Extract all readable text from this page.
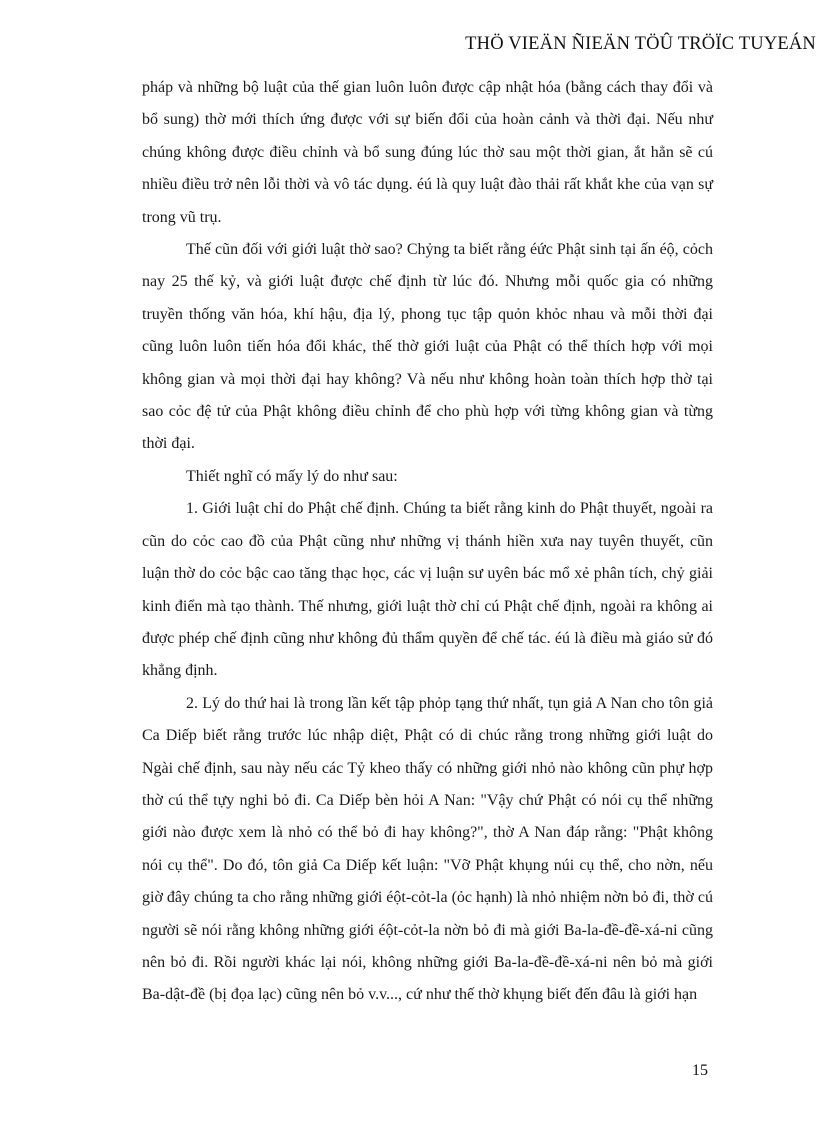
THÖ VIEÄN ÑIEÄN TÖÛ TRÖÏC TUYEÁN

pháp và những bộ luật của thế gian luôn luôn được cập nhật hóa (bằng cách thay đổi và bổ sung) thờ mới thích ứng được với sự biến đổi của hoàn cảnh và thời đại. Nếu như chúng không được điều chỉnh và bổ sung đúng lúc thờ sau một thời gian, ắt hẳn sẽ cú nhiều điều trở nên lỗi thời và vô tác dụng. éú là quy luật đào thải rất khắt khe của vạn sự trong vũ trụ.

Thế cũn đối với giới luật thờ sao? Chỷng ta biết rằng éức Phật sinh tại ấn éộ, cỏch nay 25 thế kỷ, và giới luật được chế định từ lúc đó. Nhưng mỗi quốc gia có những truyền thống văn hóa, khí hậu, địa lý, phong tục tập quỏn khỏc nhau và mỗi thời đại cũng luôn luôn tiến hóa đổi khác, thế thờ giới luật của Phật có thể thích hợp với mọi không gian và mọi thời đại hay không? Và nếu như không hoàn toàn thích hợp thờ tại sao cỏc đệ tử của Phật không điều chỉnh để cho phù hợp với từng không gian và từng thời đại.

Thiết nghĩ có mấy lý do như sau:

1. Giới luật chỉ do Phật chế định. Chúng ta biết rằng kinh do Phật thuyết, ngoài ra cũn do cỏc cao đồ của Phật cũng như những vị thánh hiền xưa nay tuyên thuyết, cũn luận thờ do cỏc bậc cao tăng thạc học, các vị luận sư uyên bác mổ xẻ phân tích, chỷ giải kinh điển mà tạo thành. Thế nhưng, giới luật thờ chỉ cú Phật chế định, ngoài ra không ai được phép chế định cũng như không đủ thẩm quyền để chế tác. éú là điều mà giáo sử đó khẳng định.

2. Lý do thứ hai là trong lần kết tập phỏp tạng thứ nhất, tụn giả A Nan cho tôn giả Ca Diếp biết rằng trước lúc nhập diệt, Phật có di chúc rằng trong những giới luật do Ngài chế định, sau này nếu các Tỷ kheo thấy có những giới nhỏ nào không cũn phự hợp thờ cú thể tựy nghi bỏ đi. Ca Diếp bèn hỏi A Nan: "Vậy chứ Phật có nói cụ thể những giới nào được xem là nhỏ có thể bỏ đi hay không?", thờ A Nan đáp rằng: "Phật không nói cụ thể". Do đó, tôn giả Ca Diếp kết luận: "Vỡ Phật khụng núi cụ thể, cho nờn, nếu giờ đây chúng ta cho rằng những giới éột-cỏt-la (ỏc hạnh) là nhỏ nhiệm nờn bỏ đi, thờ cú người sẽ nói rằng không những giới éột-cỏt-la nờn bỏ đi mà giới Ba-la-đề-đề-xá-ni cũng nên bỏ đi. Rồi người khác lại nói, không những giới Ba-la-đề-đề-xá-ni nên bỏ mà giới Ba-dật-đề (bị đọa lạc) cũng nên bỏ v.v..., cứ như thế thờ khụng biết đến đâu là giới hạn

15
